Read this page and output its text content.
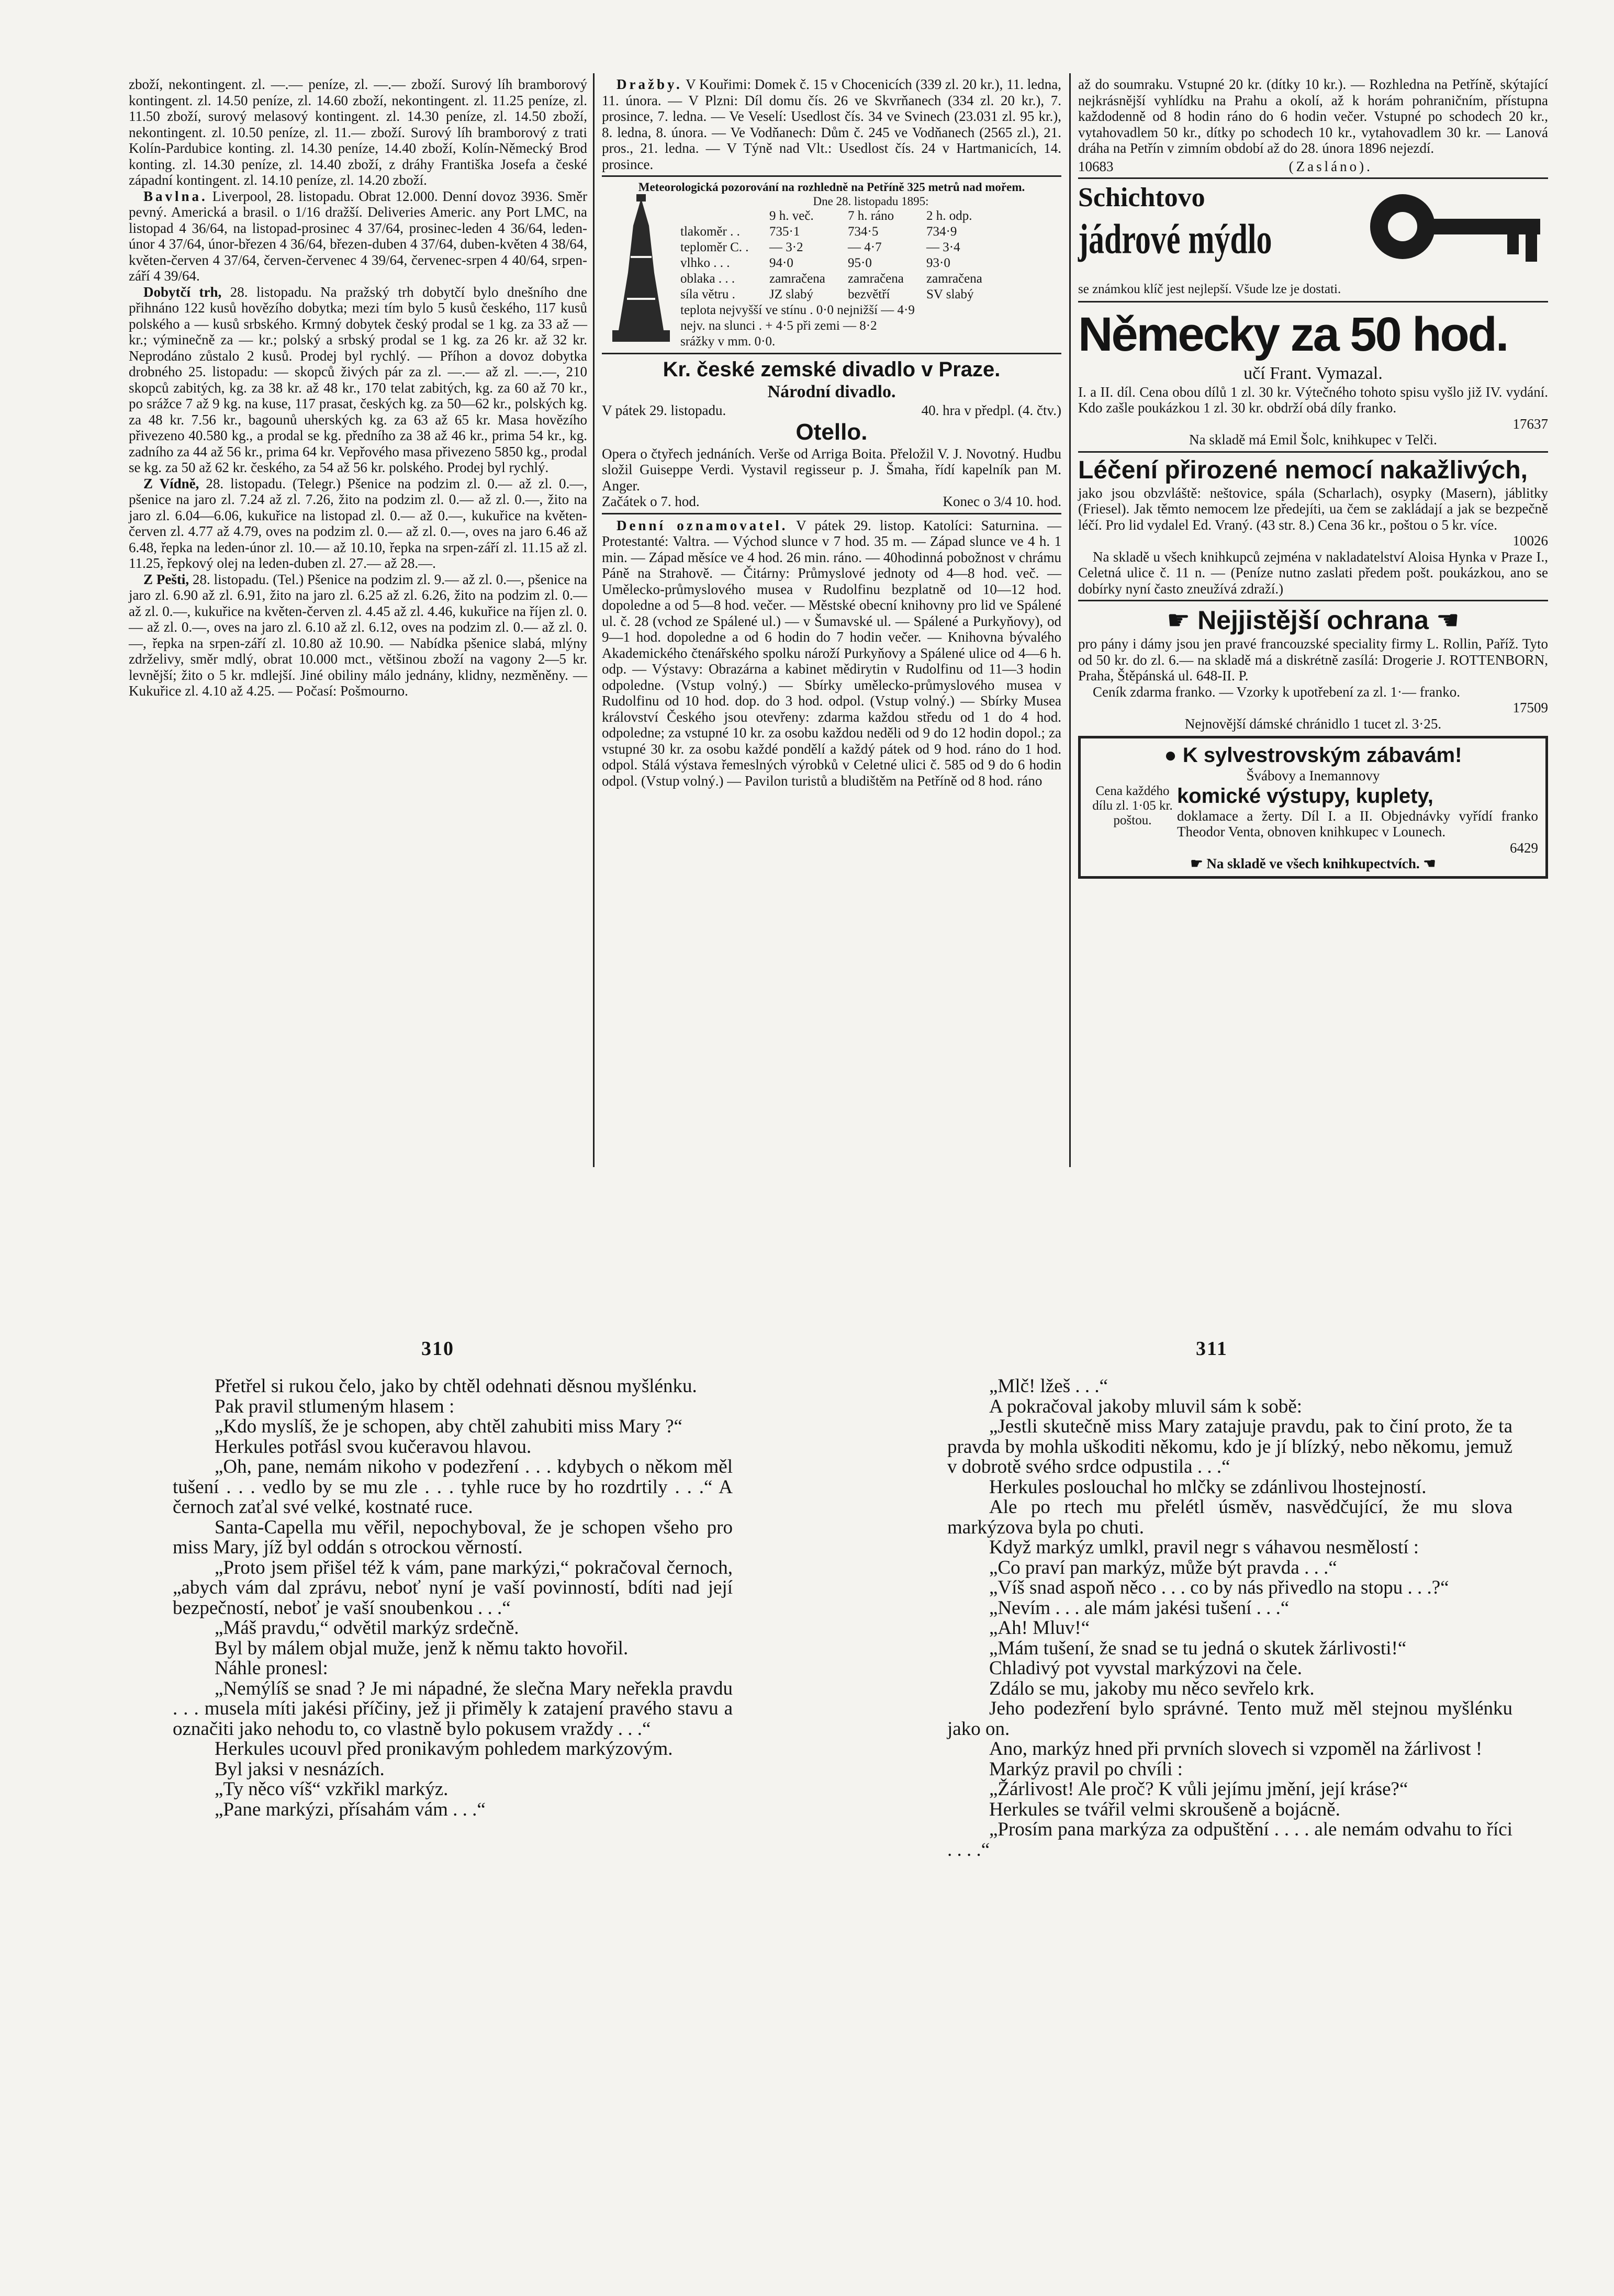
zboží, nekontingent. zl. —.— peníze, zl. —.— zboží. Surový líh bramborový kontingent. zl. 14.50 peníze, zl. 14.60 zboží, nekontingent. zl. 11.25 peníze, zl. 11.50 zboží, surový melasový kontingent. zl. 14.30 peníze, zl. 14.50 zboží, nekontingent. zl. 10.50 peníze, zl. 11.— zboží. Surový líh bramborový z trati Kolín-Pardubice konting. zl. 14.30 peníze, 14.40 zboží, Kolín-Německý Brod konting. zl. 14.30 peníze, zl. 14.40 zboží, z dráhy Františka Josefa a české západní kontingent. zl. 14.10 peníze, zl. 14.20 zboží.

Bavlna. Liverpool, 28. listopadu. Obrat 12.000. Denní dovoz 3936. Směr pevný. Americká a brasil. o 1/16 dražší. Deliveries Americ. any Port LMC, na listopad 4 36/64, na listopad-prosinec 4 37/64, prosinec-leden 4 36/64, leden-únor 4 37/64, únor-březen 4 36/64, březen-duben 4 37/64, duben-květen 4 38/64, květen-červen 4 37/64, červen-červenec 4 39/64, červenec-srpen 4 40/64, srpen-září 4 39/64.

Dobytčí trh, 28. listopadu. Na pražský trh dobytčí bylo dnešního dne přihnáno 122 kusů hovězího dobytka; mezi tím bylo 5 kusů českého, 117 kusů polského a — kusů srbského. Krmný dobytek český prodal se 1 kg. za 33 až — kr.; výminečně za — kr.; polský a srbský prodal se 1 kg. za 26 kr. až 32 kr. Neprodáno zůstalo 2 kusů. Prodej byl rychlý. — Příhon a dovoz dobytka drobného 25. listopadu: — skopců živých pár za zl. —.— až zl. —.—, 210 skopců zabitých, kg. za 38 kr. až 48 kr., 170 telat zabitých, kg. za 60 až 70 kr., po srážce 7 až 9 kg. na kuse, 117 prasat, českých kg. za 50—62 kr., polských kg. za 48 kr. 7.56 kr., bagounů uherských kg. za 63 až 65 kr. Masa hovězího přivezeno 40.580 kg., a prodal se kg. předního za 38 až 46 kr., prima 54 kr., kg. zadního za 44 až 56 kr., prima 64 kr. Vepřového masa přivezeno 5850 kg., prodal se kg. za 50 až 62 kr. českého, za 54 až 56 kr. polského. Prodej byl rychlý.

Z Vídně, 28. listopadu. (Telegr.) Pšenice na podzim zl. 0.— až zl. 0.—, pšenice na jaro zl. 7.24 až zl. 7.26, žito na podzim zl. 0.— až zl. 0.—, žito na jaro zl. 6.04—6.06, kukuřice na listopad zl. 0.— až 0.—, kukuřice na květen-červen zl. 4.77 až 4.79, oves na podzim zl. 0.— až zl. 0.—, oves na jaro 6.46 až 6.48, řepka na leden-únor zl. 10.— až 10.10, řepka na srpen-září zl. 11.15 až zl. 11.25, řepkový olej na leden-duben zl. 27.— až 28.—.

Z Pešti, 28. listopadu. (Tel.) Pšenice na podzim zl. 9.— až zl. 0.—, pšenice na jaro zl. 6.90 až zl. 6.91, žito na jaro zl. 6.25 až zl. 6.26, žito na podzim zl. 0.— až zl. 0.—, kukuřice na květen-červen zl. 4.45 až zl. 4.46, kukuřice na říjen zl. 0.— až zl. 0.—, oves na jaro zl. 6.10 až zl. 6.12, oves na podzim zl. 0.— až zl. 0.—, řepka na srpen-září zl. 10.80 až 10.90. — Nabídka pšenice slabá, mlýny zdrželivy, směr mdlý, obrat 10.000 mct., většinou zboží na vagony 2—5 kr. levnější; žito o 5 kr. mdlejší. Jiné obiliny málo jednány, klidny, nezměněny. — Kukuřice zl. 4.10 až 4.25. — Počasí: Pošmourno.

Dražby. V Kouřimi: Domek č. 15 v Chocenicích (339 zl. 20 kr.), 11. ledna, 11. února. — V Plzni: Díl domu čís. 26 ve Skvrňanech (334 zl. 20 kr.), 7. prosince, 7. ledna. — Ve Veselí: Usedlost čís. 34 ve Svinech (23.031 zl. 95 kr.), 8. ledna, 8. února. — Ve Vodňanech: Dům č. 245 ve Vodňanech (2565 zl.), 21. pros., 21. ledna. — V Týně nad Vlt.: Usedlost čís. 24 v Hartmanicích, 14. prosince.

Meteorologická pozorování na rozhledně na Petříně 325 metrů nad mořem.

Dne 28. listopadu 1895:
9 h. več.	7 h. ráno	2 h. odp.
tlakoměr . .	735·1	734·5	734·9
teploměr C. .	— 3·2	— 4·7	— 3·4
vlhko . . .	94·0	95·0	93·0
oblaka . . .	zamračena	zamračena	zamračena
síla větru .	JZ slabý	bezvětří	SV slabý
teplota nejvyšší ve stínu . 0·0 nejnižší — 4·9
nejv. na slunci . + 4·5 při zemi — 8·2
srážky v mm. 0·0.
Kr. české zemské divadlo v Praze.
Národní divadlo.
V pátek 29. listopadu.	40. hra v předpl. (4. čtv.)
Otello.

Opera o čtyřech jednáních. Verše od Arriga Boita. Přeložil V. J. Novotný. Hudbu složil Guiseppe Verdi. Vystavil regisseur p. J. Šmaha, řídí kapelník pan M. Anger.

Začátek o 7. hod.	Konec o 3/4 10. hod.

Denní oznamovatel. V pátek 29. listop. Katolíci: Saturnina. — Protestanté: Valtra. — Východ slunce v 7 hod. 35 m. — Západ slunce ve 4 h. 1 min. — Západ měsíce ve 4 hod. 26 min. ráno. — 40hodinná pobožnost v chrámu Páně na Strahově. — Čitárny: Průmyslové jednoty od 4—8 hod. več. — Umělecko-průmyslového musea v Rudolfinu bezplatně od 10—12 hod. dopoledne a od 5—8 hod. večer. — Městské obecní knihovny pro lid ve Spálené ul. č. 28 (vchod ze Spálené ul.) — v Šumavské ul. — Spálené a Purkyňovy), od 9—1 hod. dopoledne a od 6 hodin do 7 hodin večer. — Knihovna bývalého Akademického čtenářského spolku nároží Purkyňovy a Spálené ulice od 4—6 h. odp. — Výstavy: Obrazárna a kabinet mědirytin v Rudolfinu od 11—3 hodin odpoledne. (Vstup volný.) — Sbírky umělecko-průmyslového musea v Rudolfinu od 10 hod. dop. do 3 hod. odpol. (Vstup volný.) — Sbírky Musea království Českého jsou otevřeny: zdarma každou středu od 1 do 4 hod. odpoledne; za vstupné 10 kr. za osobu každou neděli od 9 do 12 hodin dopol.; za vstupné 30 kr. za osobu každé pondělí a každý pátek od 9 hod. ráno do 1 hod. odpol. Stálá výstava řemeslných výrobků v Celetné ulici č. 585 od 9 do 6 hodin odpol. (Vstup volný.) — Pavilon turistů a bludištěm na Petříně od 8 hod. ráno

až do soumraku. Vstupné 20 kr. (dítky 10 kr.). — Rozhledna na Petříně, skýtající nejkrásnější vyhlídku na Prahu a okolí, až k horám pohraničním, přístupna každodenně od 8 hodin ráno do 6 hodin večer. Vstupné po schodech 20 kr., vytahovadlem 50 kr., dítky po schodech 10 kr., vytahovadlem 30 kr. — Lanová dráha na Petřín v zimním období až do 28. února 1896 nejezdí.

10683	(Zasláno).
Schichtovo
jádrové mýdlo
se známkou klíč jest nejlepší. Všude lze je dostati.
Německy za 50 hod.
učí Frant. Vymazal.

I. a II. díl. Cena obou dílů 1 zl. 30 kr. Výtečného tohoto spisu vyšlo již IV. vydání. Kdo zašle poukázkou 1 zl. 30 kr. obdrží obá díly franko.

17637
Na skladě má Emil Šolc, knihkupec v Telči.
Léčení přirozené nemocí nakažlivých,

jako jsou obzvláště: neštovice, spála (Scharlach), osypky (Masern), jáblitky (Friesel). Jak těmto nemocem lze předejíti, ua čem se zakládají a jak se bezpečně léčí. Pro lid vydalel Ed. Vraný. (43 str. 8.) Cena 36 kr., poštou o 5 kr. více.

10026

Na skladě u všech knihkupců zejména v nakladatelství Aloisa Hynka v Praze I., Celetná ulice č. 11 n. — (Peníze nutno zaslati předem pošt. poukázkou, ano se dobírky nyní často zneužívá zdraží.)

☛ Nejjistější ochrana ☚

pro pány i dámy jsou jen pravé francouzské speciality firmy L. Rollin, Paříž. Tyto od 50 kr. do zl. 6.— na skladě má a diskrétně zasílá: Drogerie J. ROTTENBORN, Praha, Štěpánská ul. 648-II. P.

Ceník zdarma franko. — Vzorky k upotřebení za zl. 1·— franko.

17509
Nejnovější dámské chránidlo 1 tucet zl. 3·25.
● K sylvestrovským zábavám!
Švábovy a Inemannovy
Cena každého dílu zl. 1·05 kr. poštou.
komické výstupy, kuplety,

doklamace a žerty. Díl I. a II. Objednávky vyřídí franko Theodor Venta, obnoven knihkupec v Lounech.

6429
☛ Na skladě ve všech knihkupectvích. ☚
310	311

Přetřel si rukou čelo, jako by chtěl odehnati děsnou myšlénku.

Pak pravil stlumeným hlasem :

„Kdo myslíš, že je schopen, aby chtěl zahubiti miss Mary ?“

Herkules potřásl svou kučeravou hlavou.

„Oh, pane, nemám nikoho v podezření . . . kdybych o někom měl tušení . . . vedlo by se mu zle . . . tyhle ruce by ho rozdrtily . . .“ A černoch zaťal své velké, kostnaté ruce.

Santa-Capella mu věřil, nepochyboval, že je schopen všeho pro miss Mary, jíž byl oddán s otrockou věrností.

„Proto jsem přišel též k vám, pane markýzi,“ pokračoval černoch, „abych vám dal zprávu, neboť nyní je vaší povinností, bdíti nad její bezpečností, neboť je vaší snoubenkou . . .“

„Máš pravdu,“ odvětil markýz srdečně.

Byl by málem objal muže, jenž k němu takto hovořil.

Náhle pronesl:

„Nemýlíš se snad ? Je mi nápadné, že slečna Mary neřekla pravdu . . . musela míti jakési příčiny, jež ji přiměly k zatajení pravého stavu a označiti jako nehodu to, co vlastně bylo pokusem vraždy . . .“

Herkules ucouvl před pronikavým pohledem markýzovým.

Byl jaksi v nesnázích.

„Ty něco víš“ vzkřikl markýz.

„Pane markýzi, přísahám vám . . .“

„Mlč! lžeš . . .“

A pokračoval jakoby mluvil sám k sobě:

„Jestli skutečně miss Mary zatajuje pravdu, pak to činí proto, že ta pravda by mohla uškoditi někomu, kdo je jí blízký, nebo někomu, jemuž v dobrotě svého srdce odpustila . . .“

Herkules poslouchal ho mlčky se zdánlivou lhostejností.

Ale po rtech mu přelétl úsměv, nasvědčující, že mu slova markýzova byla po chuti.

Když markýz umlkl, pravil negr s váhavou nesmělostí :

„Co praví pan markýz, může být pravda . . .“

„Víš snad aspoň něco . . . co by nás přivedlo na stopu . . .?“

„Nevím . . . ale mám jakési tušení . . .“

„Ah! Mluv!“

„Mám tušení, že snad se tu jedná o skutek žárlivosti!“

Chladivý pot vyvstal markýzovi na čele.

Zdálo se mu, jakoby mu něco sevřelo krk.

Jeho podezření bylo správné. Tento muž měl stejnou myšlénku jako on.

Ano, markýz hned při prvních slovech si vzpoměl na žárlivost !

Markýz pravil po chvíli :

„Žárlivost! Ale proč? K vůli jejímu jmění, její kráse?“

Herkules se tvářil velmi skroušeně a bojácně.

„Prosím pana markýza za odpuštění . . . . ale nemám odvahu to říci . . . .“
